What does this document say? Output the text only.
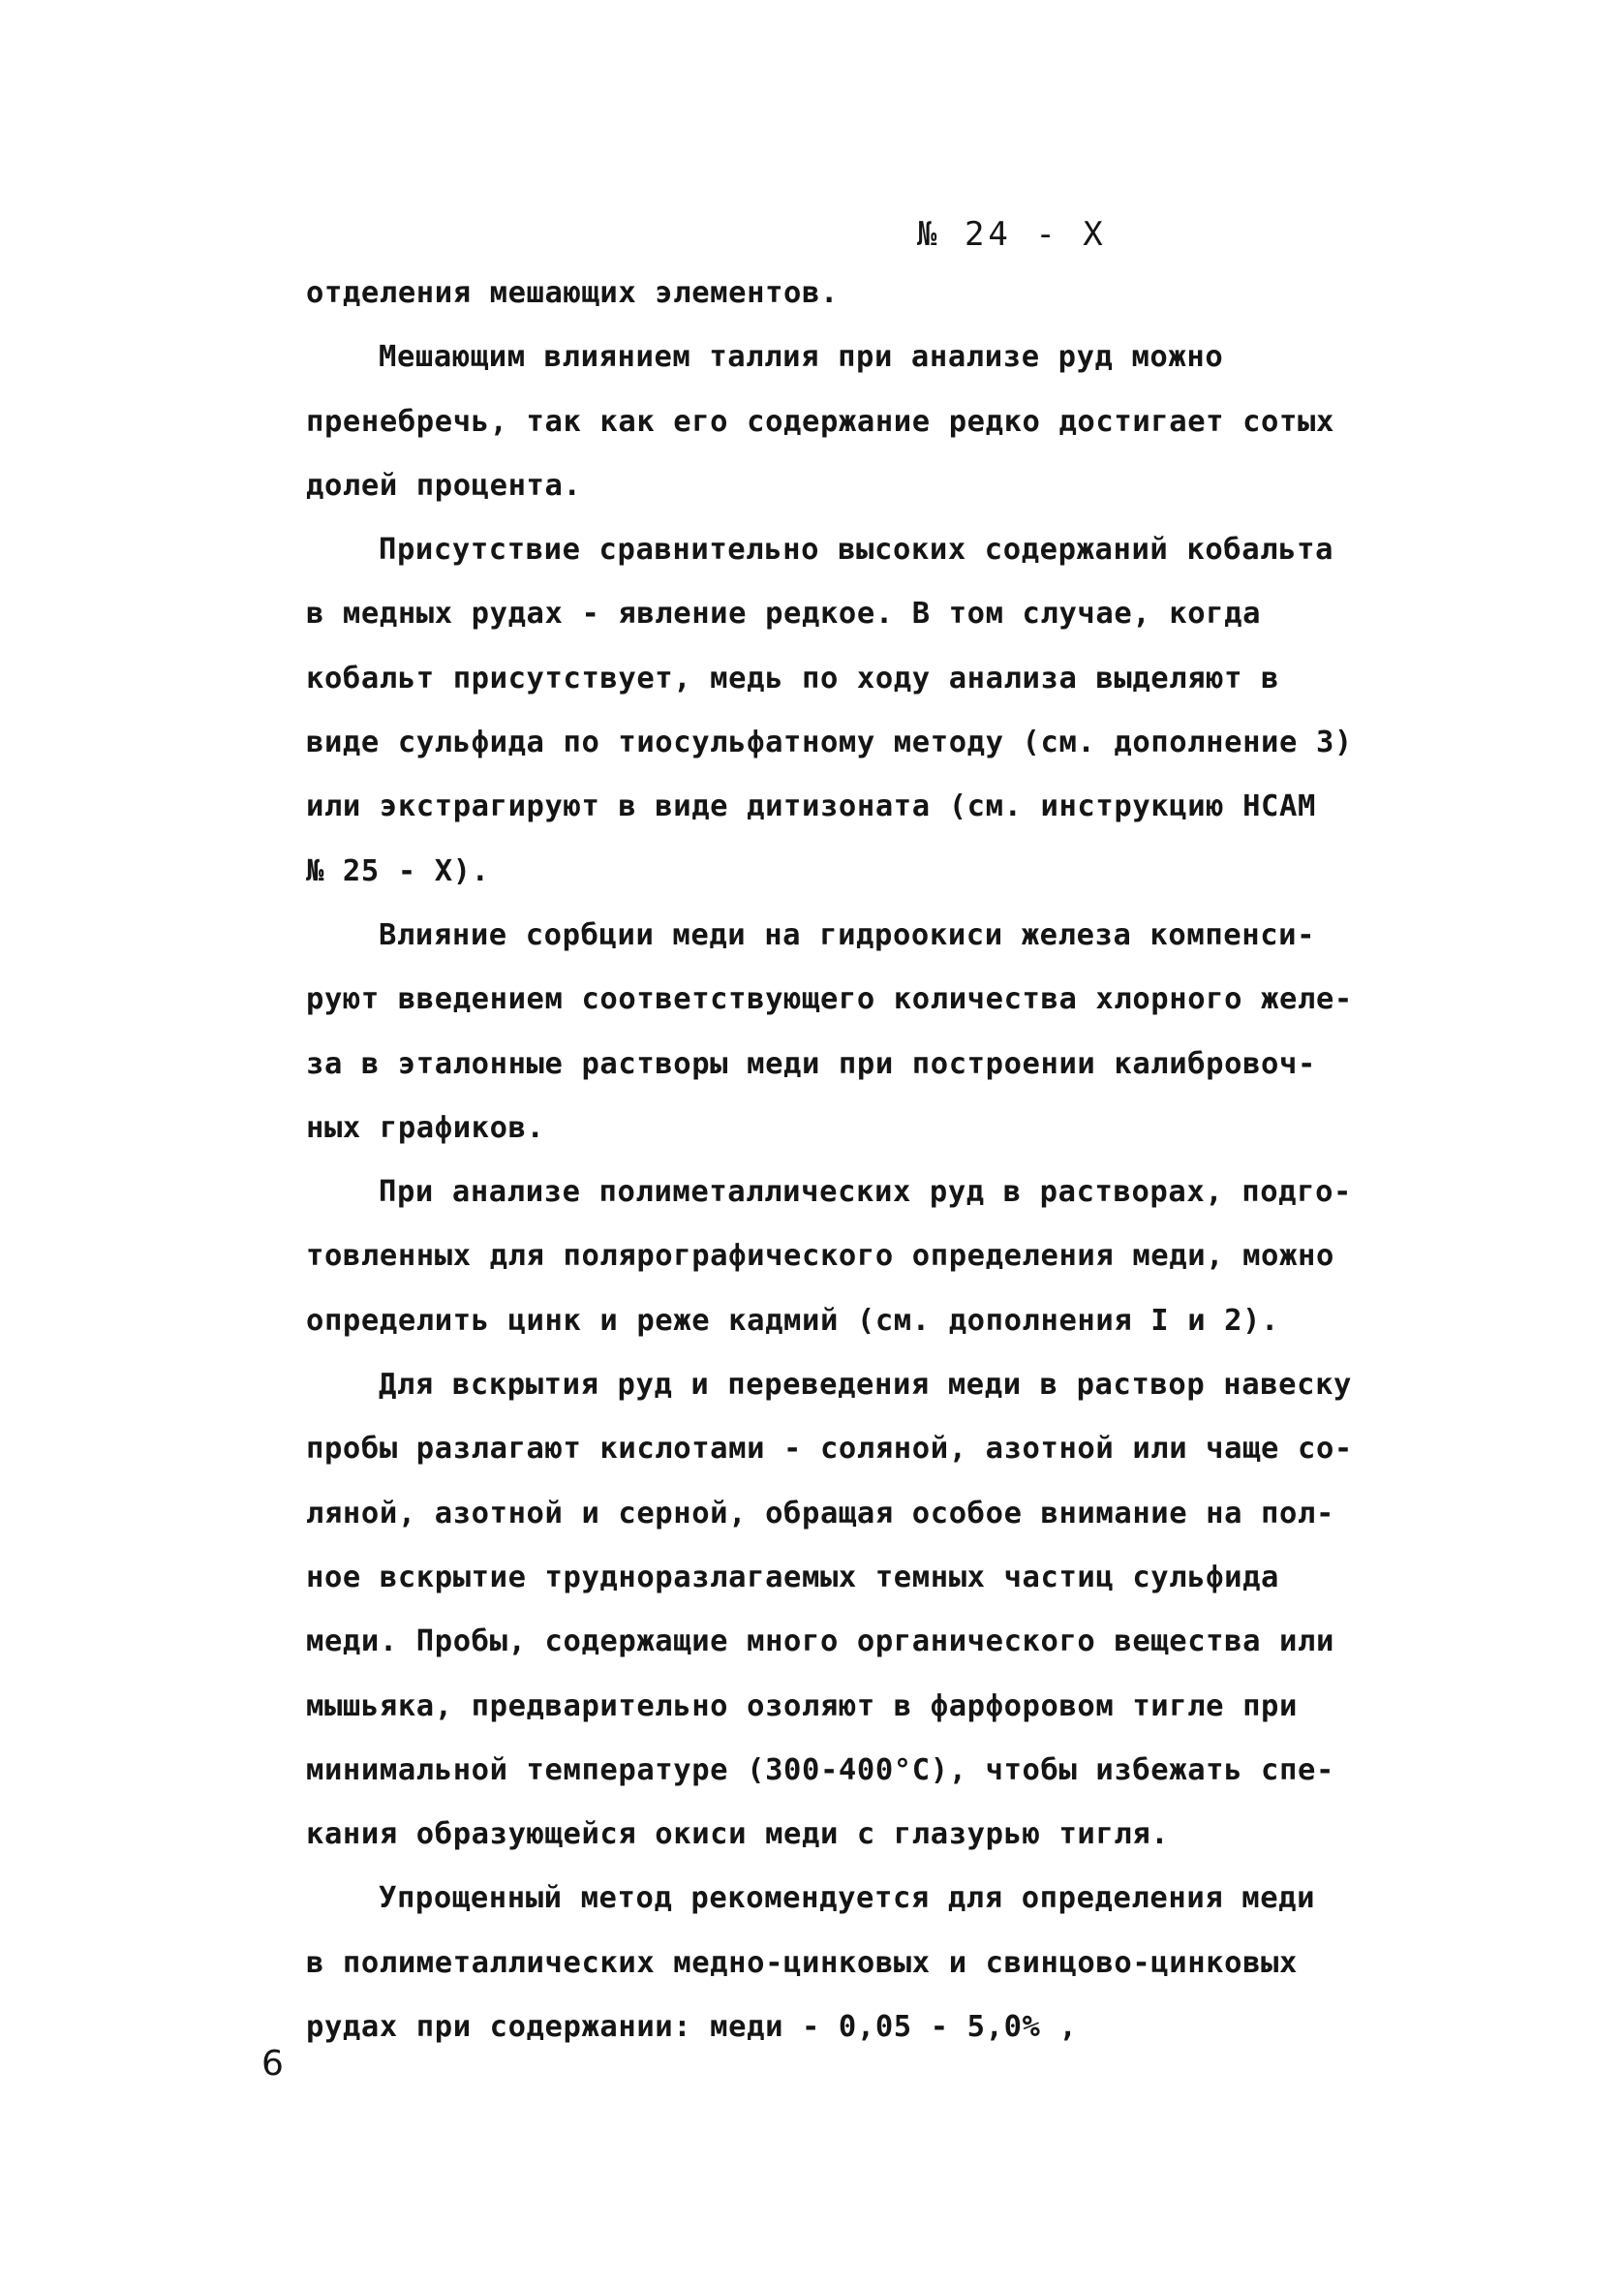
№ 24 - Х
отделения мешающих элементов.
Мешающим влиянием таллия при анализе руд можно
пренебречь, так как его содержание редко достигает сотых
долей процента.
Присутствие сравнительно высоких содержаний кобальта
в медных рудах - явление редкое. В том случае, когда
кобальт присутствует, медь по ходу анализа выделяют в
виде сульфида по тиосульфатному методу (см. дополнение 3)
или экстрагируют в виде дитизоната (см. инструкцию НСАМ
№ 25 - Х).
Влияние сорбции меди на гидроокиси железа компенси-
руют введением соответствующего количества хлорного желе-
за в эталонные растворы меди при построении калибровоч-
ных графиков.
При анализе полиметаллических руд в растворах, подго-
товленных для полярографического определения меди, можно
определить цинк и реже кадмий (см. дополнения I и 2).
Для вскрытия руд и переведения меди в раствор навеску
пробы разлагают кислотами - соляной, азотной или чаще со-
ляной, азотной и серной, обращая особое внимание на пол-
ное вскрытие трудноразлагаемых темных частиц сульфида
меди. Пробы, содержащие много органического вещества или
мышьяка, предварительно озоляют в фарфоровом тигле при
минимальной температуре (300-400°С), чтобы избежать спе-
кания образующейся окиси меди с глазурью тигля.
Упрощенный метод рекомендуется для определения меди
в полиметаллических медно-цинковых и свинцово-цинковых
рудах при содержании: меди - 0,05 - 5,0% ,
6
